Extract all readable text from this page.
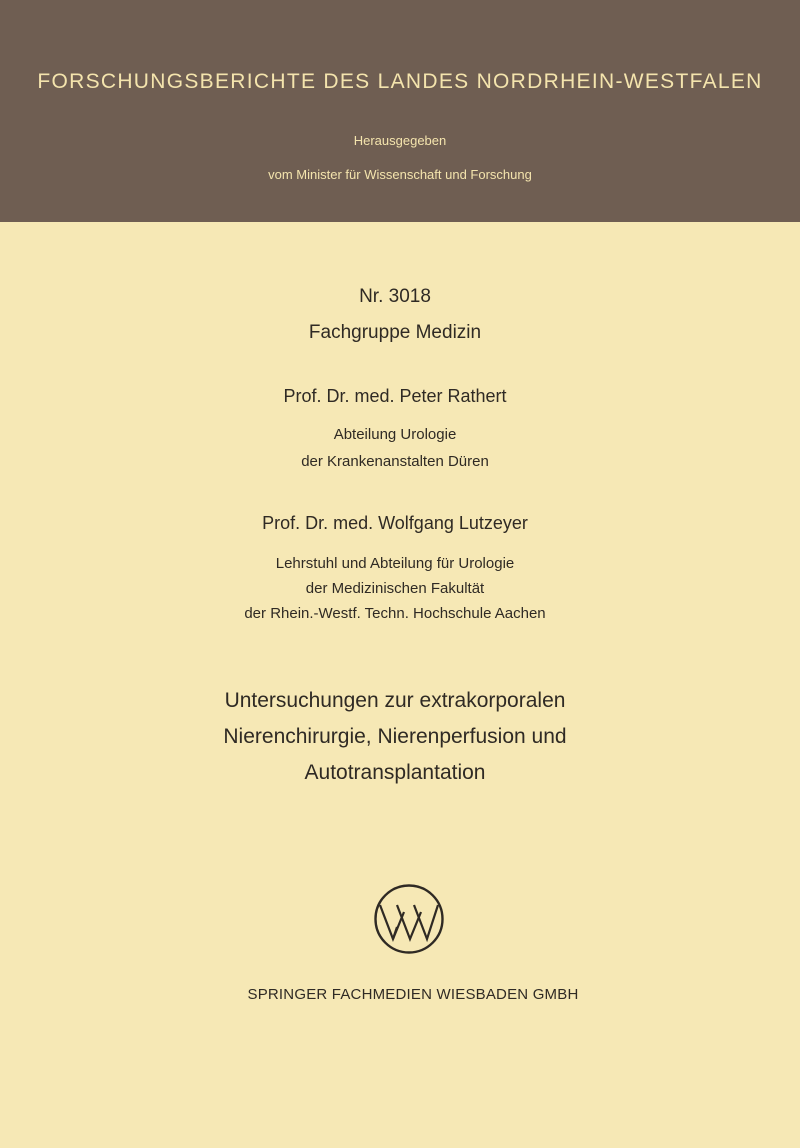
FORSCHUNGSBERICHTE DES LANDES NORDRHEIN-WESTFALEN
Herausgegeben
vom Minister für Wissenschaft und Forschung
Nr. 3018
Fachgruppe Medizin
Prof. Dr. med. Peter Rathert
Abteilung Urologie
der Krankenanstalten Düren
Prof. Dr. med. Wolfgang Lutzeyer
Lehrstuhl und Abteilung für Urologie
der Medizinischen Fakultät
der Rhein.-Westf. Techn. Hochschule Aachen
Untersuchungen zur extrakorporalen
Nierenchirurgie, Nierenperfusion und
Autotransplantation
SPRINGER FACHMEDIEN WIESBADEN GMBH
